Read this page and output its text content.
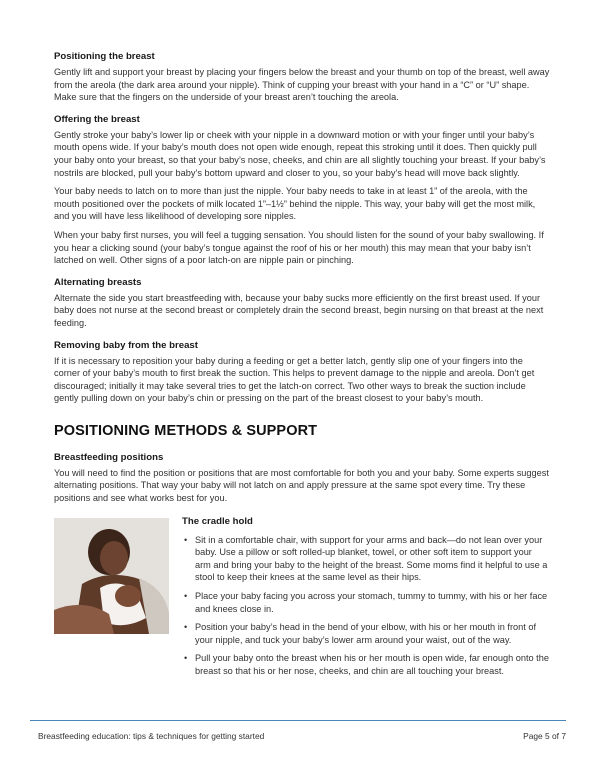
Positioning the breast

Gently lift and support your breast by placing your fingers below the breast and your thumb on top of the breast, well away from the areola (the dark area around your nipple). Think of cupping your breast with your hand in a “C” or “U” shape. Make sure that the fingers on the underside of your breast aren’t touching the areola.

Offering the breast

Gently stroke your baby’s lower lip or cheek with your nipple in a downward motion or with your finger until your baby’s mouth opens wide. If your baby’s mouth does not open wide enough, repeat this stroking until it does. Then quickly pull your baby onto your breast, so that your baby’s nose, cheeks, and chin are all slightly touching your breast. If your baby’s nostrils are blocked, pull your baby’s bottom upward and closer to you, so your baby’s head will move back slightly.

Your baby needs to latch on to more than just the nipple. Your baby needs to take in at least 1” of the areola, with the mouth positioned over the pockets of milk located 1”–1½” behind the nipple. This way, your baby will get the most milk, and you will have less likelihood of developing sore nipples.

When your baby first nurses, you will feel a tugging sensation. You should listen for the sound of your baby swallowing. If you hear a clicking sound (your baby’s tongue against the roof of his or her mouth) this may mean that your baby isn’t latched on well. Other signs of a poor latch-on are nipple pain or pinching.

Alternating breasts

Alternate the side you start breastfeeding with, because your baby sucks more efficiently on the first breast used. If your baby does not nurse at the second breast or completely drain the second breast, begin nursing on that breast at the next feeding.

Removing baby from the breast

If it is necessary to reposition your baby during a feeding or get a better latch, gently slip one of your fingers into the corner of your baby’s mouth to first break the suction. This helps to prevent damage to the nipple and areola. Don’t get discouraged; initially it may take several tries to get the latch-on correct. Two other ways to break the suction include gently pulling down on your baby’s chin or pressing on the part of the breast closest to your baby’s mouth.

POSITIONING METHODS & SUPPORT
Breastfeeding positions

You will need to find the position or positions that are most comfortable for both you and your baby. Some experts suggest alternating positions. That way your baby will not latch on and apply pressure at the same spot every time. Try these positions and see what works best for you.

The cradle hold
• Sit in a comfortable chair, with support for your arms and back—do not lean over your baby. Use a pillow or soft rolled-up blanket, towel, or other soft item to support your arm and bring your baby to the height of the breast. Some moms find it helpful to use a stool to keep their knees at the same level as their hips.
• Place your baby facing you across your stomach, tummy to tummy, with his or her face and knees close in.
• Position your baby’s head in the bend of your elbow, with his or her mouth in front of your nipple, and tuck your baby’s lower arm around your waist, out of the way.
• Pull your baby onto the breast when his or her mouth is open wide, far enough onto the breast so that his or her nose, cheeks, and chin are all touching your breast.
Breastfeeding education: tips & techniques for getting started	Page 5 of 7
